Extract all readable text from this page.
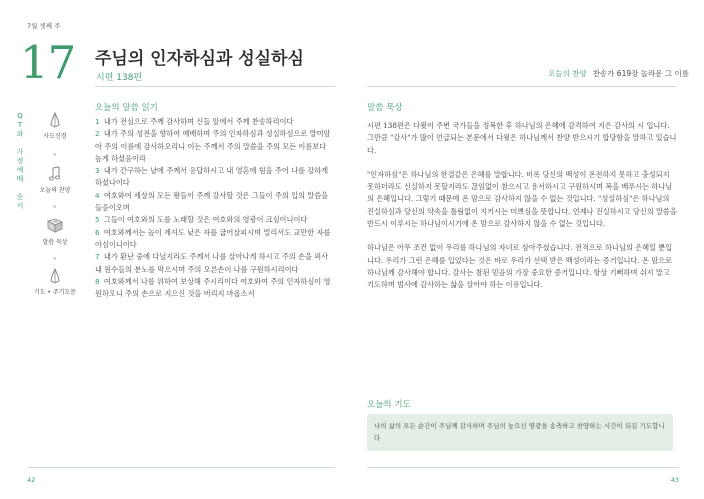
7월 셋째 주
17 주님의 인자하심과 성실하심
시편 138편	오늘의 찬양 찬송가 619장 놀라운 그 이름
Q
T
와
가
정
예
배
순
서
사도신경
오늘의 찬양
말씀 묵상
기도 • 주기도문
오늘의 말씀 읽기

1 내가 전심으로 주께 감사하며 신들 앞에서 주께 찬송하리이다

2 내가 주의 성전을 향하여 예배하며 주의 인자하심과 성실하심으로 말미암아 주의 이름에 감사하오리니 이는 주께서 주의 말씀을 주의 모든 이름보다 높게 하셨음이라

3 내가 간구하는 날에 주께서 응답하시고 내 영혼에 힘을 주어 나를 강하게 하셨나이다

4 여호와여 세상의 모든 왕들이 주께 감사할 것은 그들이 주의 입의 말씀을 들음이오며

5 그들이 여호와의 도를 노래할 것은 여호와의 영광이 크심이니이다

6 여호와께서는 높이 계셔도 낮은 자를 굽어살피시며 멀리서도 교만한 자를 아심이니이다

7 내가 환난 중에 다닐지라도 주께서 나를 살아나게 하시고 주의 손을 펴사 내 원수들의 분노를 막으시며 주의 오른손이 나를 구원하시리이다

8 여호와께서 나를 위하여 보상해 주시리이다 여호와여 주의 인자하심이 영원하오니 주의 손으로 지으신 것을 버리지 마옵소서

말씀 묵상

시편 138편은 다윗이 주변 국가들을 정복한 후 하나님의 은혜에 감격하여 지은 감사의 시 입니다. 그만큼 "감사"가 많이 언급되는 본문에서 다윗은 하나님께서 찬양 받으시기 합당함을 말하고 있습니다.

"인자하심"은 하나님의 한결같은 은혜를 말합니다. 비록 당신의 백성이 온전하지 못하고 충성되지 못하더라도 신실하지 못할지라도 끊임없이 참으시고 용서하시고 구원하시며 복을 베푸시는 하나님의 은혜입니다. 그렇기 때문에 온 맘으로 감사하지 않을 수 없는 것입니다. "성실하심"은 하나님의 진실하심과 당신의 약속을 틀림없이 지키시는 미쁘심을 뜻합니다. 언제나 진실하시고 당신의 말씀을 반드시 이루시는 하나님이시기에 온 맘으로 감사하지 않을 수 없는 것입니다.

하나님은 아무 조건 없이 우리를 하나님의 자녀로 삼아주셨습니다. 전적으로 하나님의 은혜일 뿐입니다. 우리가 그런 은혜를 입었다는 것은 바로 우리가 선택 받은 백성이라는 증거입니다. 온 맘으로 하나님께 감사해야 합니다. 감사는 참된 믿음의 가장 중요한 증거입니다. 항상 기뻐하며 쉬지 말고 기도하며 범사에 감사하는 삶을 살아야 하는 이유입니다.

오늘의 기도
나의 삶의 모든 순간이 주님께 감사하며 주님의 높으신 영광을 송축하고 찬양하는 시간이 되길 기도합니다
42	43
